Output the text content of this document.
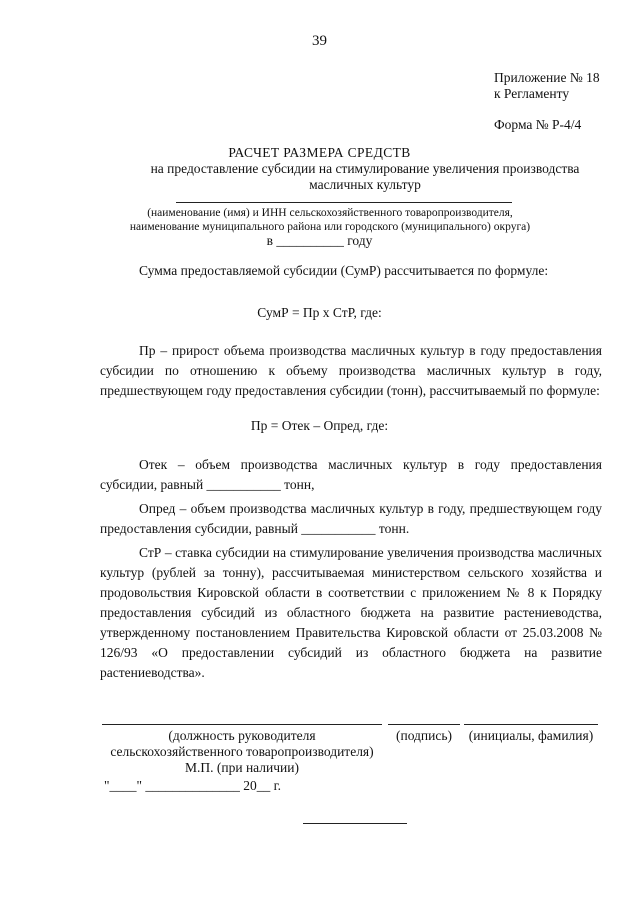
39
Приложение № 18
к Регламенту
Форма № Р-4/4
РАСЧЕТ РАЗМЕРА СРЕДСТВ
на предоставление субсидии на стимулирование увеличения производства масличных культур
(наименование (имя) и ИНН сельскохозяйственного товаропроизводителя, наименование муниципального района или городского (муниципального) округа)
в __________ году
Сумма предоставляемой субсидии (СумР) рассчитывается по формуле:
СумР = Пр х СтР, где:
Пр – прирост объема производства масличных культур в году предоставления субсидии по отношению к объему производства масличных культур в году, предшествующем году предоставления субсидии (тонн), рассчитываемый по формуле:
Пр = Отек – Опред, где:
Отек – объем производства масличных культур в году предоставления субсидии, равный ___________ тонн,
Опред – объем производства масличных культур в году, предшествующем году предоставления субсидии, равный ___________ тонн.
СтР – ставка субсидии на стимулирование увеличения производства масличных культур (рублей за тонну), рассчитываемая министерством сельского хозяйства и продовольствия Кировской области в соответствии с приложением № 8 к Порядку предоставления субсидий из областного бюджета на развитие растениеводства, утвержденному постановлением Правительства Кировской области от 25.03.2008 № 126/93 «О предоставлении субсидий из областного бюджета на развитие растениеводства».
(должность руководителя сельскохозяйственного товаропроизводителя)
(подпись)	(инициалы, фамилия)
М.П. (при наличии)
"____" ______________ 20__ г.
